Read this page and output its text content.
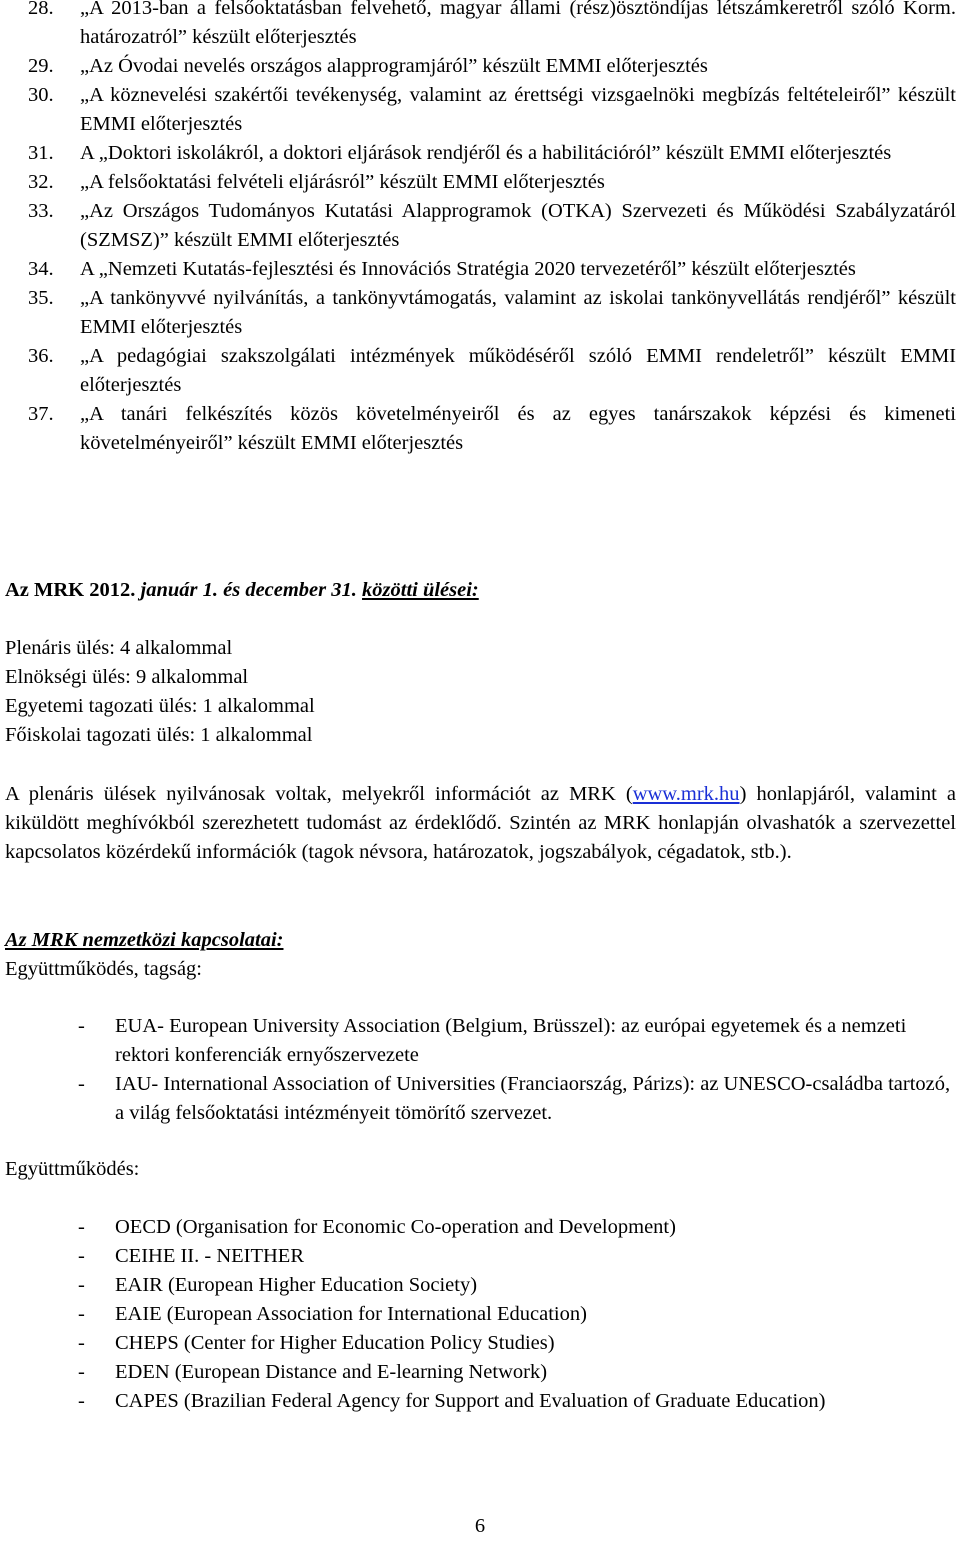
28. „A 2013-ban a felsőoktatásban felvehető, magyar állami (rész)ösztöndíjas létszámkeretről szóló Korm. határozatról” készült előterjesztés
29. „Az Óvodai nevelés országos alapprogramjáról” készült EMMI előterjesztés
30. „A köznevelési szakértői tevékenység, valamint az érettségi vizsgaelnöki megbízás feltételeiről” készült EMMI előterjesztés
31. A „Doktori iskolákról, a doktori eljárások rendjéről és a habilitációról” készült EMMI előterjesztés
32. „A felsőoktatási felvételi eljárásról” készült EMMI előterjesztés
33. „Az Országos Tudományos Kutatási Alapprogramok (OTKA) Szervezeti és Működési Szabályzatáról (SZMSZ)” készült EMMI előterjesztés
34. A „Nemzeti Kutatás-fejlesztési és Innovációs Stratégia 2020 tervezetéről” készült előterjesztés
35. „A tankönyvvé nyilvánítás, a tankönyvtámogatás, valamint az iskolai tankönyvellátás rendjéről” készült EMMI előterjesztés
36. „A pedagógiai szakszolgálati intézmények működéséről szóló EMMI rendeletről” készült EMMI előterjesztés
37. „A tanári felkészítés közös követelményeiről és az egyes tanárszakok képzési és kimeneti követelményeiről” készült EMMI előterjesztés
Az MRK 2012. január 1. és december 31. közötti ülései:
Plenáris ülés: 4 alkalommal
Elnökségi ülés: 9 alkalommal
Egyetemi tagozati ülés: 1 alkalommal
Főiskolai tagozati ülés: 1 alkalommal
A plenáris ülések nyilvánosak voltak, melyekről információt az MRK (www.mrk.hu) honlapjáról, valamint a kiküldött meghívókból szerezhetett tudomást az érdeklődő. Szintén az MRK honlapján olvashatók a szervezettel kapcsolatos közérdekű információk (tagok névsora, határozatok, jogszabályok, cégadatok, stb.).
Az MRK nemzetközi kapcsolatai:
Együttműködés, tagság:
- EUA- European University Association (Belgium, Brüsszel): az európai egyetemek és a nemzeti rektori konferenciák ernyőszervezete
- IAU- International Association of Universities (Franciaország, Párizs): az UNESCO-családba tartozó, a világ felsőoktatási intézményeit tömörítő szervezet.
Együttműködés:
- OECD (Organisation for Economic Co-operation and Development)
- CEIHE II. - NEITHER
- EAIR (European Higher Education Society)
- EAIE (European Association for International Education)
- CHEPS (Center for Higher Education Policy Studies)
- EDEN (European Distance and E-learning Network)
- CAPES (Brazilian Federal Agency for Support and Evaluation of Graduate Education)
6
